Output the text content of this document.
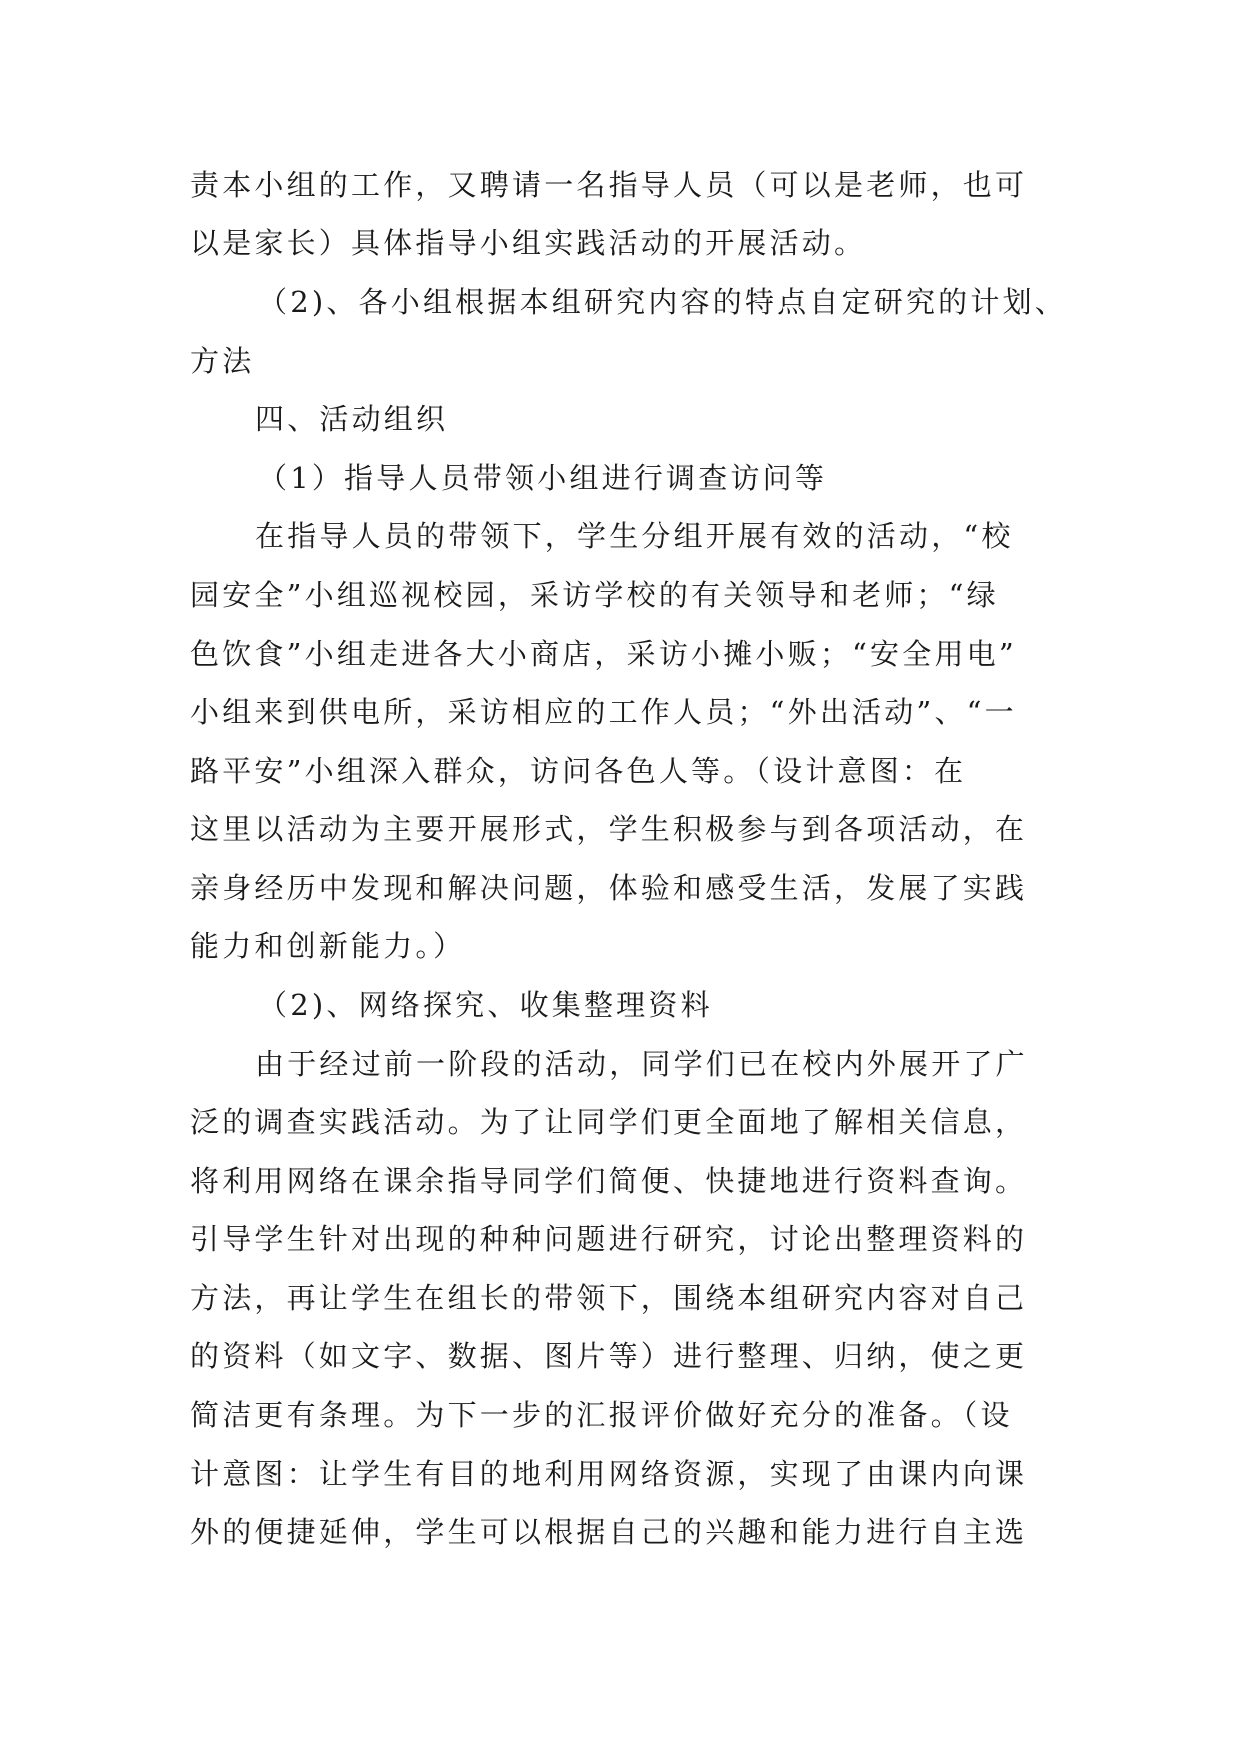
责本小组的工作，又聘请一名指导人员（可以是老师，也可
以是家长）具体指导小组实践活动的开展活动。
（2)、各小组根据本组研究内容的特点自定研究的计划、
方法
四、活动组织
（1）指导人员带领小组进行调查访问等
在指导人员的带领下，学生分组开展有效的活动，“校
园安全”小组巡视校园，采访学校的有关领导和老师；“绿
色饮食”小组走进各大小商店，采访小摊小贩；“安全用电”
小组来到供电所，采访相应的工作人员；“外出活动”、“一
路平安”小组深入群众，访问各色人等。（设计意图：在
这里以活动为主要开展形式，学生积极参与到各项活动，在
亲身经历中发现和解决问题，体验和感受生活，发展了实践
能力和创新能力。）
（2)、网络探究、收集整理资料
由于经过前一阶段的活动，同学们已在校内外展开了广
泛的调查实践活动。为了让同学们更全面地了解相关信息，
将利用网络在课余指导同学们简便、快捷地进行资料查询。
引导学生针对出现的种种问题进行研究，讨论出整理资料的
方法，再让学生在组长的带领下，围绕本组研究内容对自己
的资料（如文字、数据、图片等）进行整理、归纳，使之更
简洁更有条理。为下一步的汇报评价做好充分的准备。（设
计意图：让学生有目的地利用网络资源，实现了由课内向课
外的便捷延伸，学生可以根据自己的兴趣和能力进行自主选
